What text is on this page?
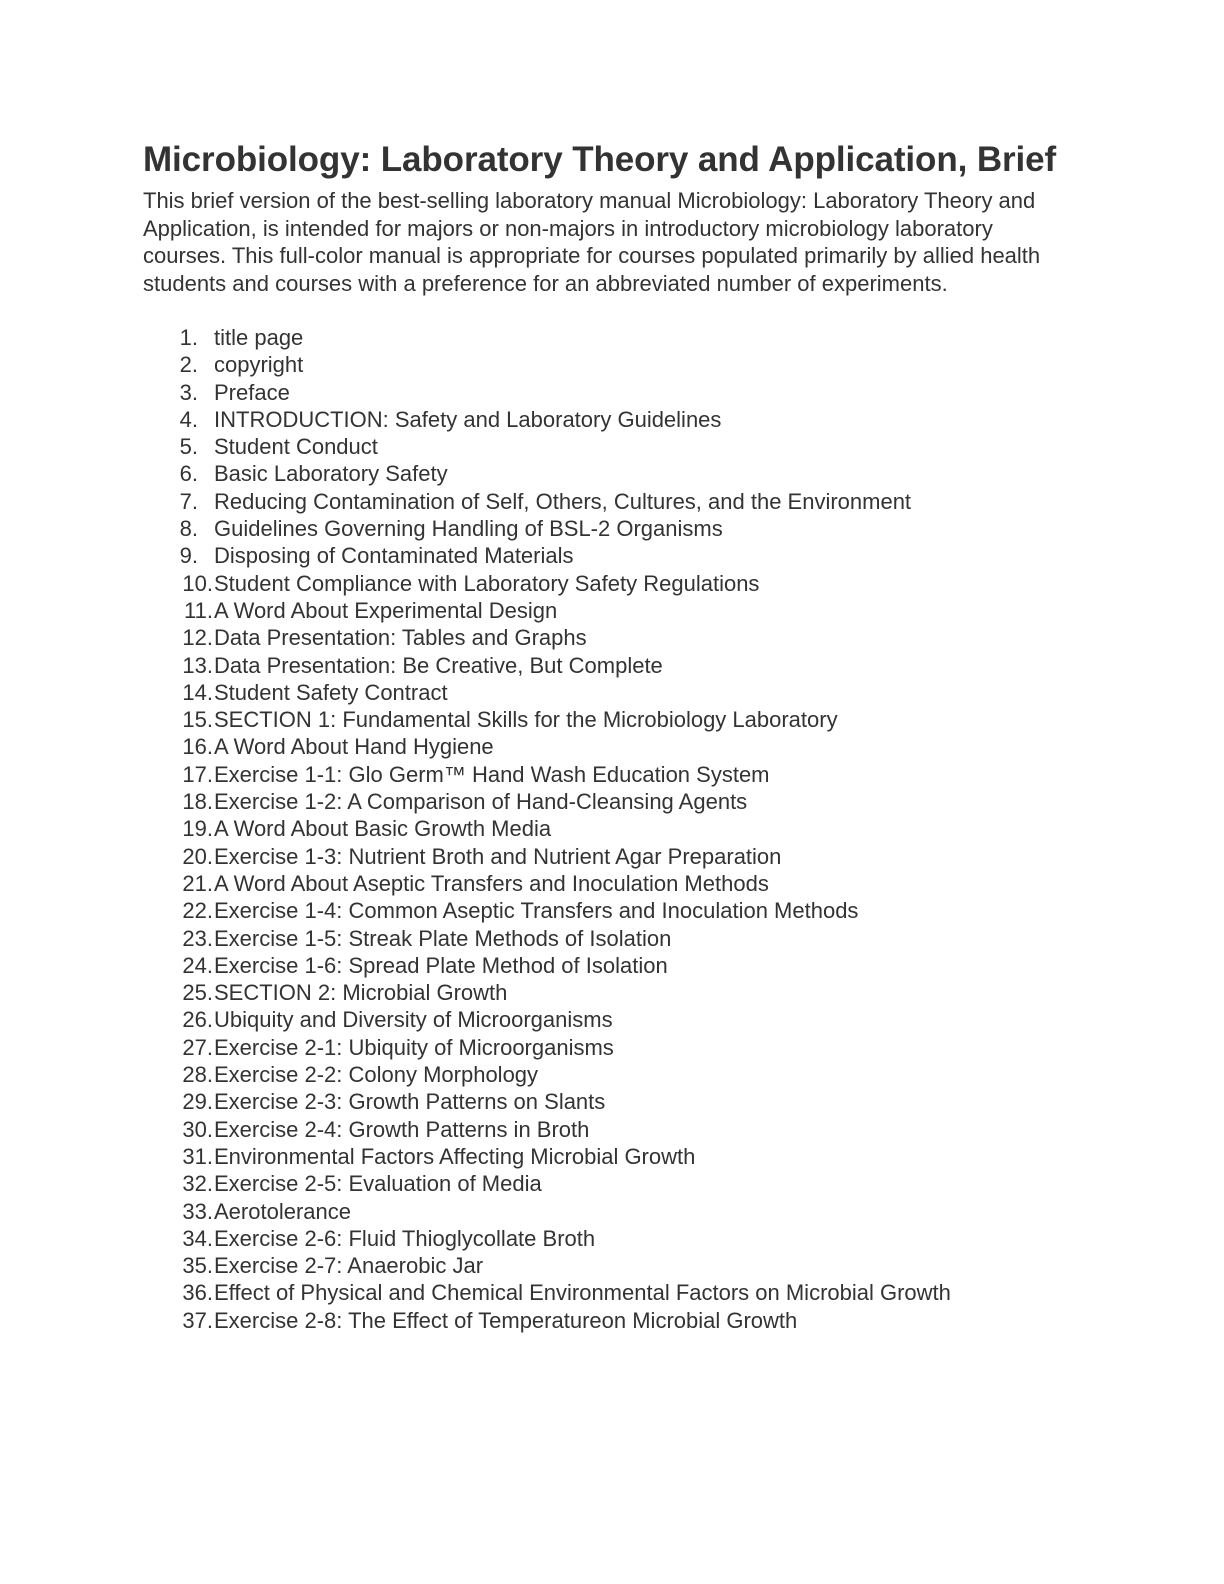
Microbiology: Laboratory Theory and Application, Brief

This brief version of the best-selling laboratory manual Microbiology: Laboratory Theory and Application, is intended for majors or non-majors in introductory microbiology laboratory courses. This full-color manual is appropriate for courses populated primarily by allied health students and courses with a preference for an abbreviated number of experiments.

1. title page
2. copyright
3. Preface
4. INTRODUCTION: Safety and Laboratory Guidelines
5. Student Conduct
6. Basic Laboratory Safety
7. Reducing Contamination of Self, Others, Cultures, and the Environment
8. Guidelines Governing Handling of BSL-2 Organisms
9. Disposing of Contaminated Materials
10. Student Compliance with Laboratory Safety Regulations
11. A Word About Experimental Design
12. Data Presentation: Tables and Graphs
13. Data Presentation: Be Creative, But Complete
14. Student Safety Contract
15. SECTION 1: Fundamental Skills for the Microbiology Laboratory
16. A Word About Hand Hygiene
17. Exercise 1-1: Glo Germ™ Hand Wash Education System
18. Exercise 1-2: A Comparison of Hand-Cleansing Agents
19. A Word About Basic Growth Media
20. Exercise 1-3: Nutrient Broth and Nutrient Agar Preparation
21. A Word About Aseptic Transfers and Inoculation Methods
22. Exercise 1-4: Common Aseptic Transfers and Inoculation Methods
23. Exercise 1-5: Streak Plate Methods of Isolation
24. Exercise 1-6: Spread Plate Method of Isolation
25. SECTION 2: Microbial Growth
26. Ubiquity and Diversity of Microorganisms
27. Exercise 2-1: Ubiquity of Microorganisms
28. Exercise 2-2: Colony Morphology
29. Exercise 2-3: Growth Patterns on Slants
30. Exercise 2-4: Growth Patterns in Broth
31. Environmental Factors Affecting Microbial Growth
32. Exercise 2-5: Evaluation of Media
33. Aerotolerance
34. Exercise 2-6: Fluid Thioglycollate Broth
35. Exercise 2-7: Anaerobic Jar
36. Effect of Physical and Chemical Environmental Factors on Microbial Growth
37. Exercise 2-8: The Effect of Temperatureon Microbial Growth
